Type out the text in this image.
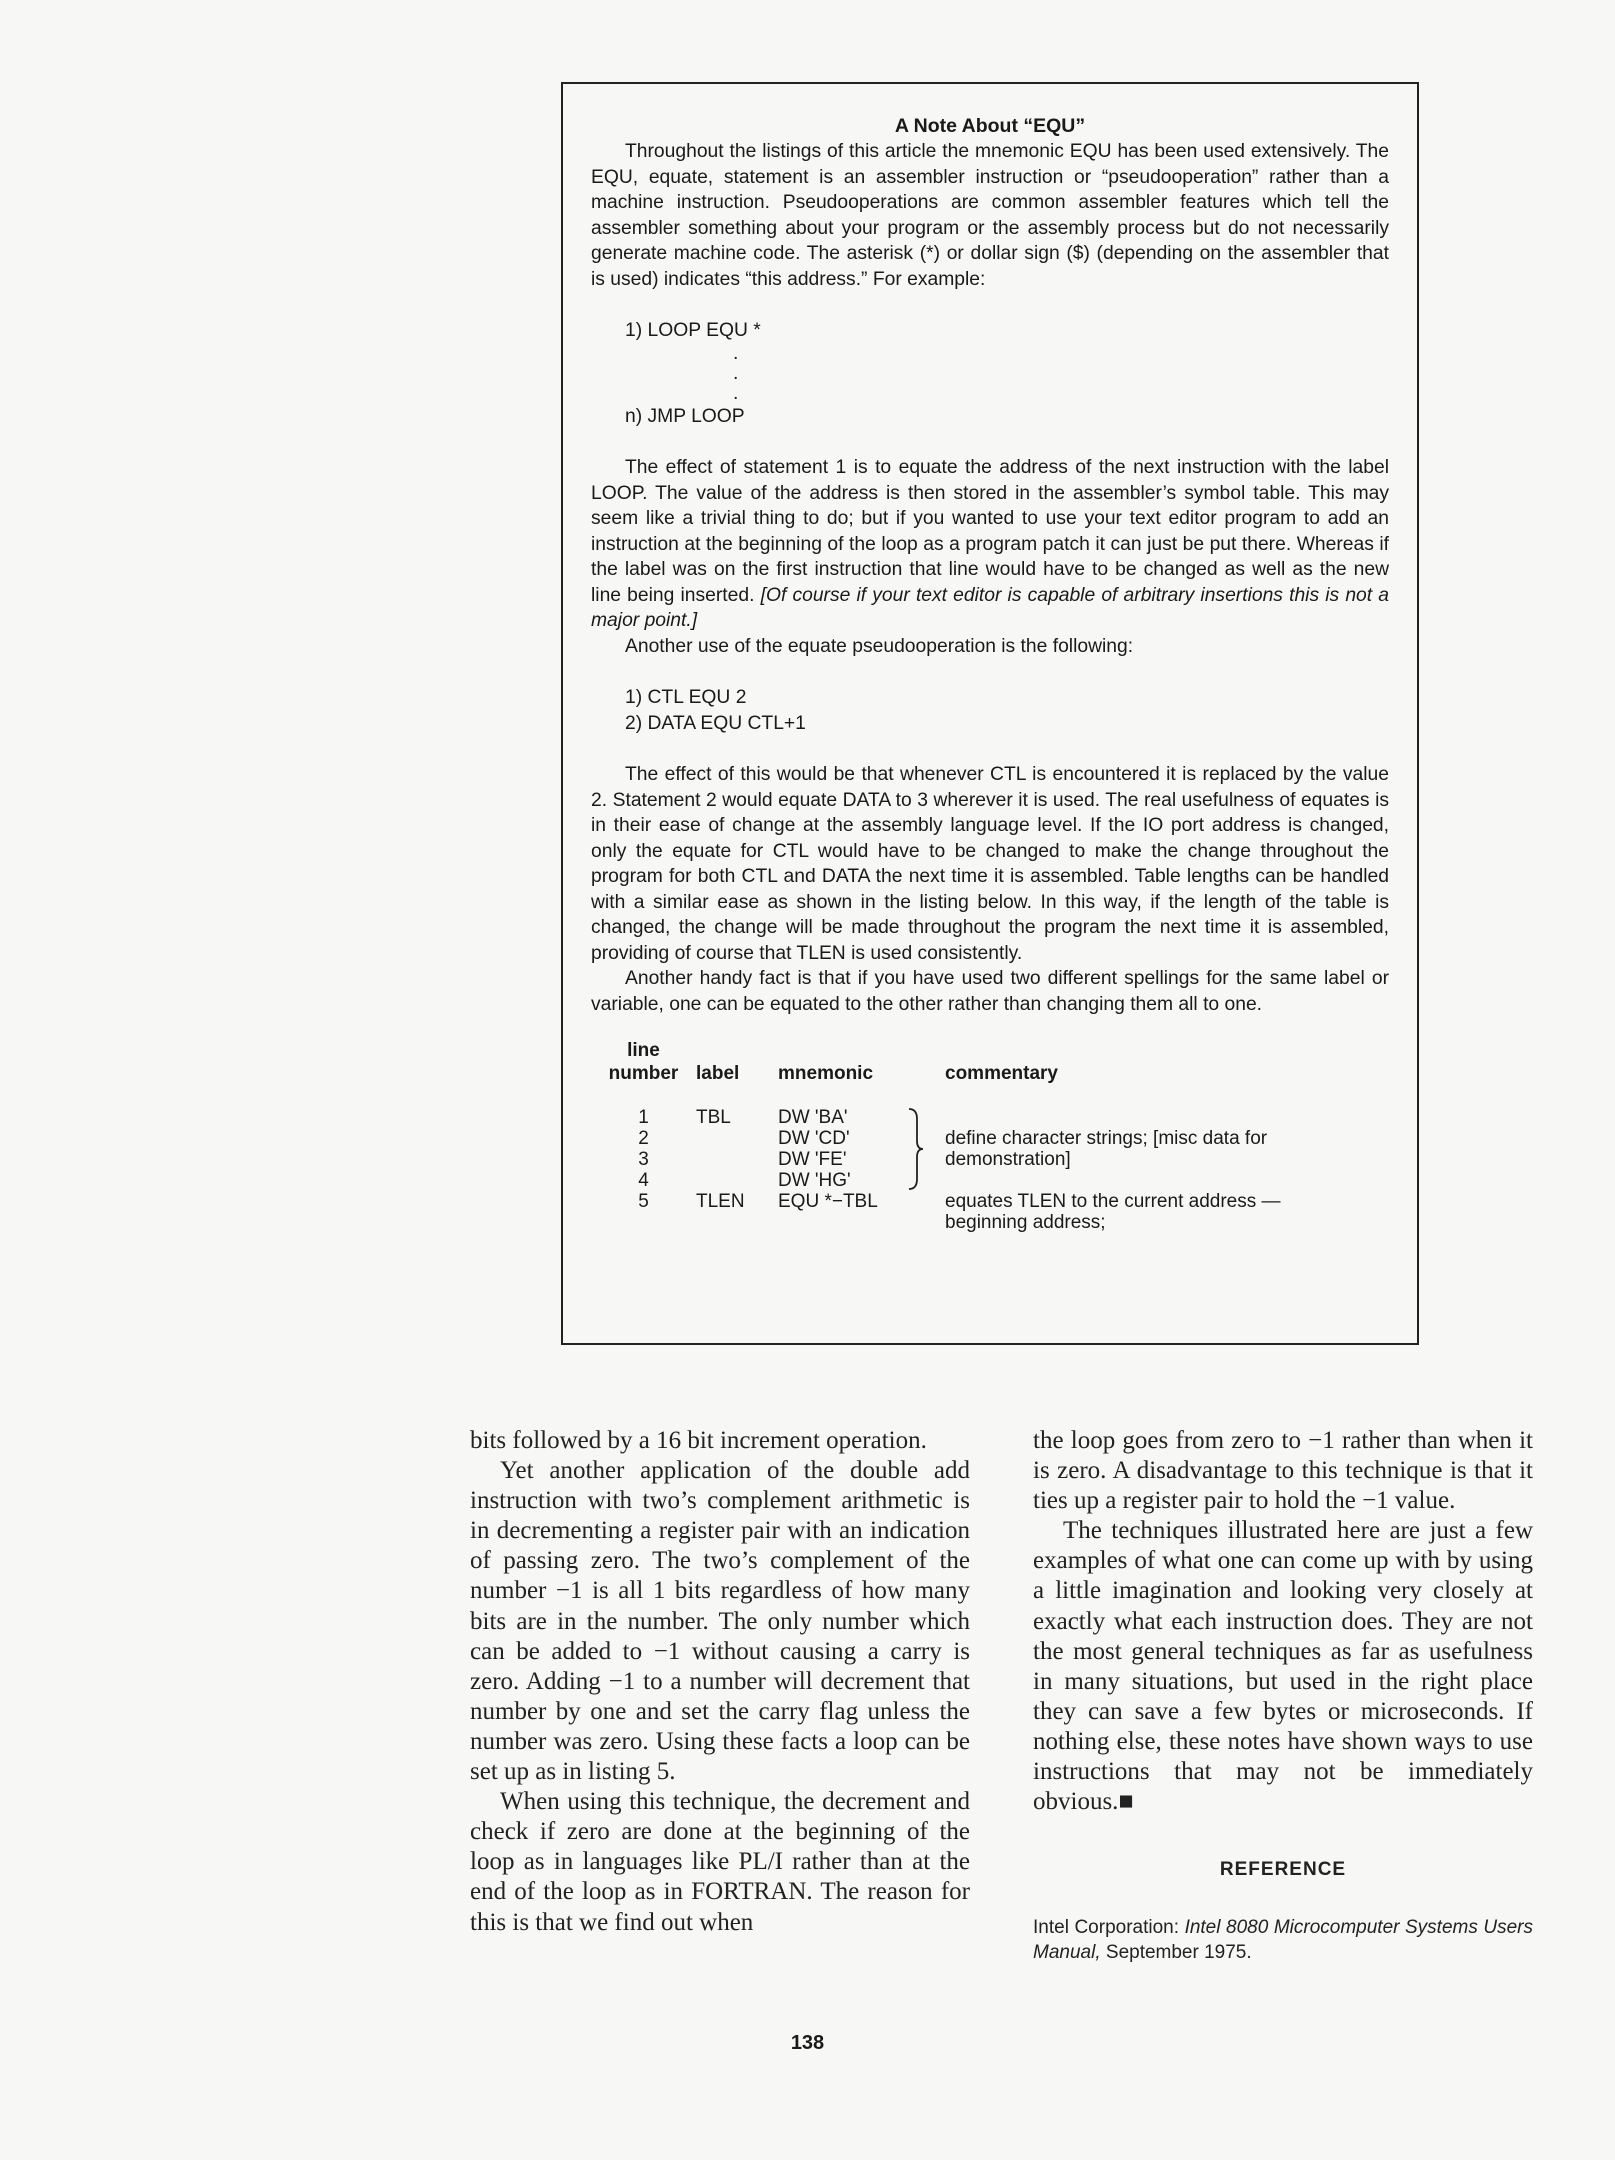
A Note About “EQU”

Throughout the listings of this article the mnemonic EQU has been used extensively. The EQU, equate, statement is an assembler instruction or “pseudooperation” rather than a machine instruction. Pseudooperations are common assembler features which tell the assembler something about your program or the assembly process but do not necessarily generate machine code. The asterisk (*) or dollar sign ($) (depending on the assembler that is used) indicates “this address.” For example:

1) LOOP EQU *

.

.

.

n) JMP LOOP

The effect of statement 1 is to equate the address of the next instruction with the label LOOP. The value of the address is then stored in the assembler’s symbol table. This may seem like a trivial thing to do; but if you wanted to use your text editor program to add an instruction at the beginning of the loop as a program patch it can just be put there. Whereas if the label was on the first instruction that line would have to be changed as well as the new line being inserted. [Of course if your text editor is capable of arbitrary insertions this is not a major point.]

Another use of the equate pseudooperation is the following:

1) CTL EQU 2

2) DATA EQU CTL+1

The effect of this would be that whenever CTL is encountered it is replaced by the value 2. Statement 2 would equate DATA to 3 wherever it is used. The real usefulness of equates is in their ease of change at the assembly language level. If the IO port address is changed, only the equate for CTL would have to be changed to make the change throughout the program for both CTL and DATA the next time it is assembled. Table lengths can be handled with a similar ease as shown in the listing below. In this way, if the length of the table is changed, the change will be made throughout the program the next time it is assembled, providing of course that TLEN is used consistently.

Another handy fact is that if you have used two different spellings for the same label or variable, one can be equated to the other rather than changing them all to one.

line
number	label	mnemonic	commentary

1	TBL	DW 'BA'	define character strings; [misc data for
demonstration]

2		DW 'CD'	
3		DW 'FE'	
4		DW 'HG'	
5	TLEN	EQU *−TBL	equates TLEN to the current address —
beginning address;

bits followed by a 16 bit increment operation.

Yet another application of the double add instruction with two’s complement arithmetic is in decrementing a register pair with an indication of passing zero. The two’s complement of the number −1 is all 1 bits regardless of how many bits are in the number. The only number which can be added to −1 without causing a carry is zero. Adding −1 to a number will decrement that number by one and set the carry flag unless the number was zero. Using these facts a loop can be set up as in listing 5.

When using this technique, the decrement and check if zero are done at the beginning of the loop as in languages like PL/I rather than at the end of the loop as in FORTRAN. The reason for this is that we find out when

the loop goes from zero to −1 rather than when it is zero. A disadvantage to this technique is that it ties up a register pair to hold the −1 value.

The techniques illustrated here are just a few examples of what one can come up with by using a little imagination and looking very closely at exactly what each instruction does. They are not the most general techniques as far as usefulness in many situations, but used in the right place they can save a few bytes or microseconds. If nothing else, these notes have shown ways to use instructions that may not be immediately obvious.■

REFERENCE
Intel Corporation: Intel 8080 Microcomputer Systems Users Manual, September 1975.
138
